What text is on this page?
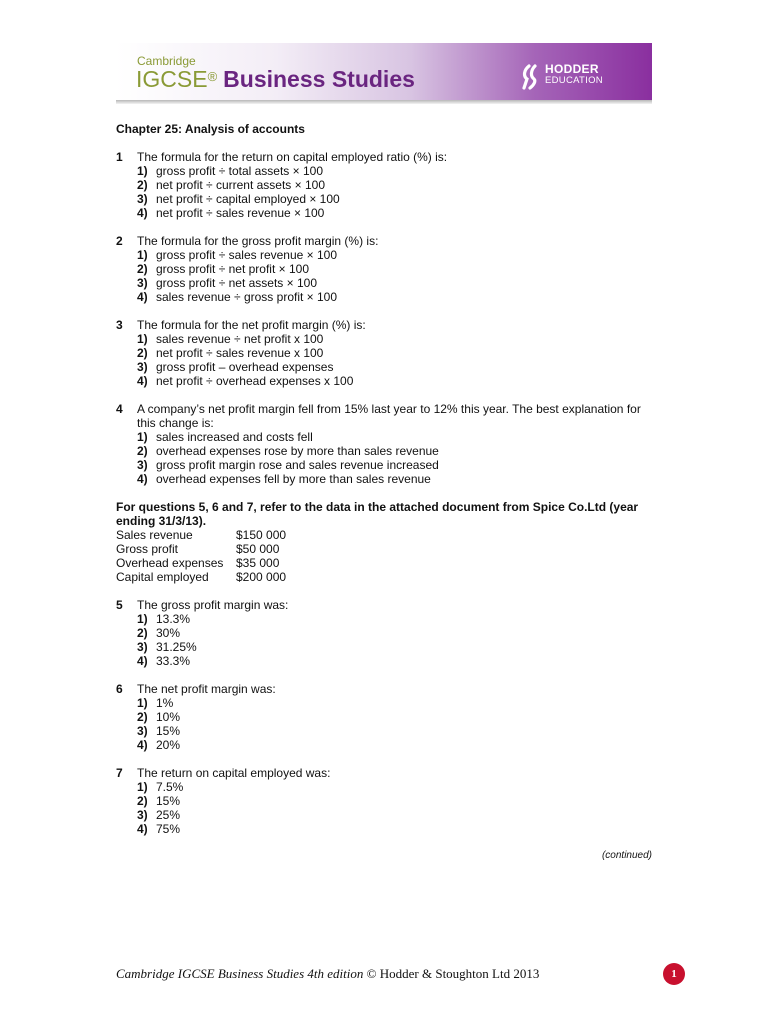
Cambridge
IGCSE® Business Studies	HODDER
EDUCATION
Chapter 25: Analysis of accounts
1	The formula for the return on capital employed ratio (%) is:
1) gross profit ÷ total assets × 100
2) net profit ÷ current assets × 100
3) net profit ÷ capital employed × 100
4) net profit ÷ sales revenue × 100
2	The formula for the gross profit margin (%) is:
1) gross profit ÷ sales revenue × 100
2) gross profit ÷ net profit × 100
3) gross profit ÷ net assets × 100
4) sales revenue ÷ gross profit × 100
3	The formula for the net profit margin (%) is:
1) sales revenue ÷ net profit x 100
2) net profit ÷ sales revenue x 100
3) gross profit – overhead expenses
4) net profit ÷ overhead expenses x 100
4	A company’s net profit margin fell from 15% last year to 12% this year. The best explanation for this change is:
1) sales increased and costs fell
2) overhead expenses rose by more than sales revenue
3) gross profit margin rose and sales revenue increased
4) overhead expenses fell by more than sales revenue
For questions 5, 6 and 7, refer to the data in the attached document from Spice Co.Ltd (year ending 31/3/13).
Sales revenue	$150 000
Gross profit	$50 000
Overhead expenses	$35 000
Capital employed	$200 000
5	The gross profit margin was:
1) 13.3%
2) 30%
3) 31.25%
4) 33.3%
6	The net profit margin was:
1) 1%
2) 10%
3) 15%
4) 20%
7	The return on capital employed was:
1) 7.5%
2) 15%
3) 25%
4) 75%
(continued)
Cambridge IGCSE Business Studies 4th edition © Hodder & Stoughton Ltd 2013	1
